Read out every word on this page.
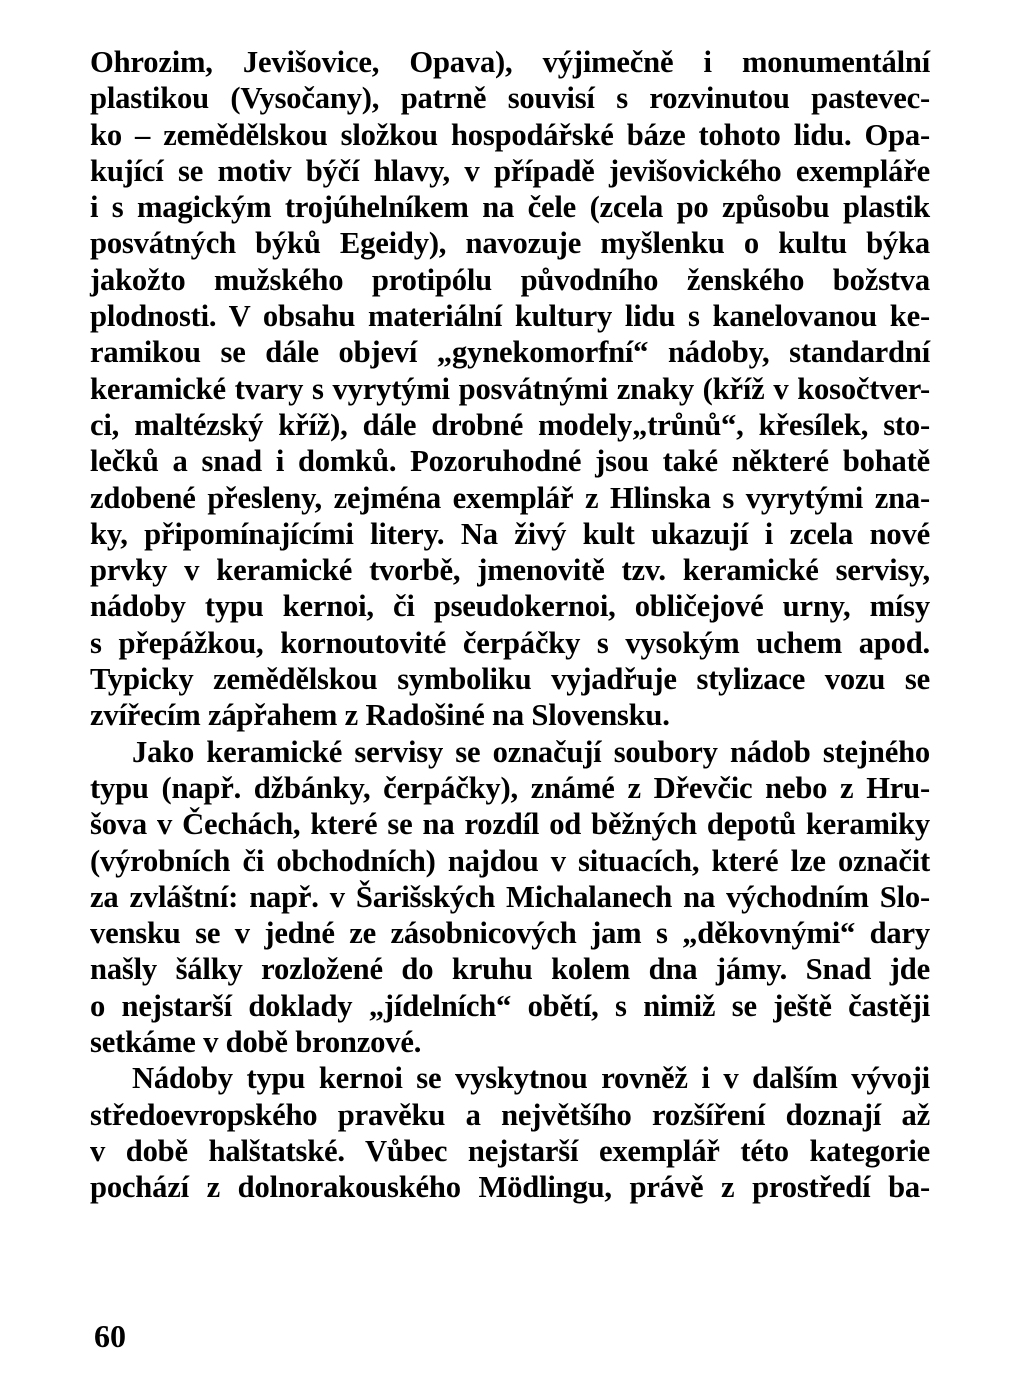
Ohrozim, Jevišovice, Opava), výjimečně i monumentální
plastikou (Vysočany), patrně souvisí s rozvinutou pastevec-
ko – zemědělskou složkou hospodářské báze tohoto lidu. Opa-
kující se motiv býčí hlavy, v případě jevišovického exempláře
i s magickým trojúhelníkem na čele (zcela po způsobu plastik
posvátných býků Egeidy), navozuje myšlenku o kultu býka
jakožto mužského protipólu původního ženského božstva
plodnosti. V obsahu materiální kultury lidu s kanelovanou ke-
ramikou se dále objeví „gynekomorfní“ nádoby, standardní
keramické tvary s vyrytými posvátnými znaky (kříž v kosočtver-
ci, maltézský kříž), dále drobné modely„trůnů“, křesílek, sto-
lečků a snad i domků. Pozoruhodné jsou také některé bohatě
zdobené přesleny, zejména exemplář z Hlinska s vyrytými zna-
ky, připomínajícími litery. Na živý kult ukazují i zcela nové
prvky v keramické tvorbě, jmenovitě tzv. keramické servisy,
nádoby typu kernoi, či pseudokernoi, obličejové urny, mísy
s přepážkou, kornoutovité čerpáčky s vysokým uchem apod.
Typicky zemědělskou symboliku vyjadřuje stylizace vozu se
zvířecím zápřahem z Radošiné na Slovensku.
Jako keramické servisy se označují soubory nádob stejného
typu (např. džbánky, čerpáčky), známé z Dřevčic nebo z Hru-
šova v Čechách, které se na rozdíl od běžných depotů keramiky
(výrobních či obchodních) najdou v situacích, které lze označit
za zvláštní: např. v Šarišských Michalanech na východním Slo-
vensku se v jedné ze zásobnicových jam s „děkovnými“ dary
našly šálky rozložené do kruhu kolem dna jámy. Snad jde
o nejstarší doklady „jídelních“ obětí, s nimiž se ještě častěji
setkáme v době bronzové.
Nádoby typu kernoi se vyskytnou rovněž i v dalším vývoji
středoevropského pravěku a největšího rozšíření doznají až
v době halštatské. Vůbec nejstarší exemplář této kategorie
pochází z dolnorakouského Mödlingu, právě z prostředí ba-
60
